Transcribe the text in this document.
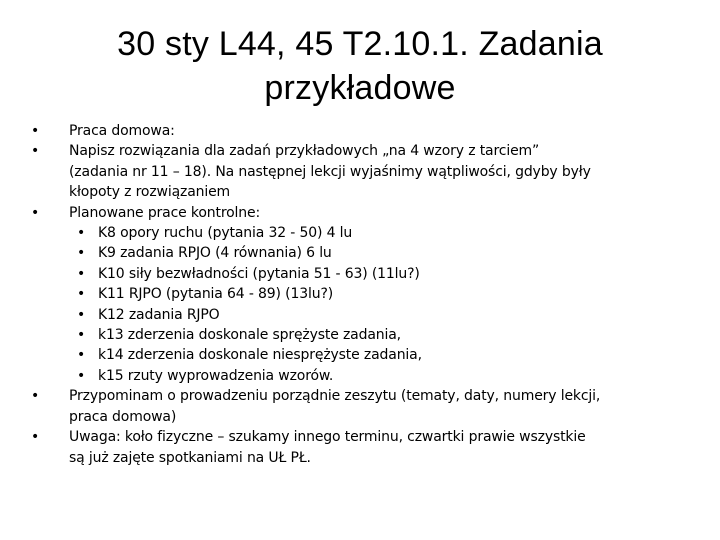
30 sty L44, 45 T2.10.1. Zadania
przykładowe
• Praca domowa:
• Napisz rozwiązania dla zadań przykładowych „na 4 wzory z tarciem”
(zadania nr 11 – 18). Na następnej lekcji wyjaśnimy wątpliwości, gdyby były
kłopoty z rozwiązaniem
• Planowane prace kontrolne:
• K8 opory ruchu (pytania 32 - 50) 4 lu
• K9 zadania RPJO (4 równania) 6 lu
• K10 siły bezwładności (pytania 51 - 63) (11lu?)
• K11 RJPO (pytania 64 - 89) (13lu?)
• K12 zadania RJPO
• k13 zderzenia doskonale sprężyste zadania,
• k14 zderzenia doskonale niesprężyste zadania,
• k15 rzuty wyprowadzenia wzorów.
• Przypominam o prowadzeniu porządnie zeszytu (tematy, daty, numery lekcji,
praca domowa)
• Uwaga: koło fizyczne – szukamy innego terminu, czwartki prawie wszystkie
są już zajęte spotkaniami na UŁ PŁ.
